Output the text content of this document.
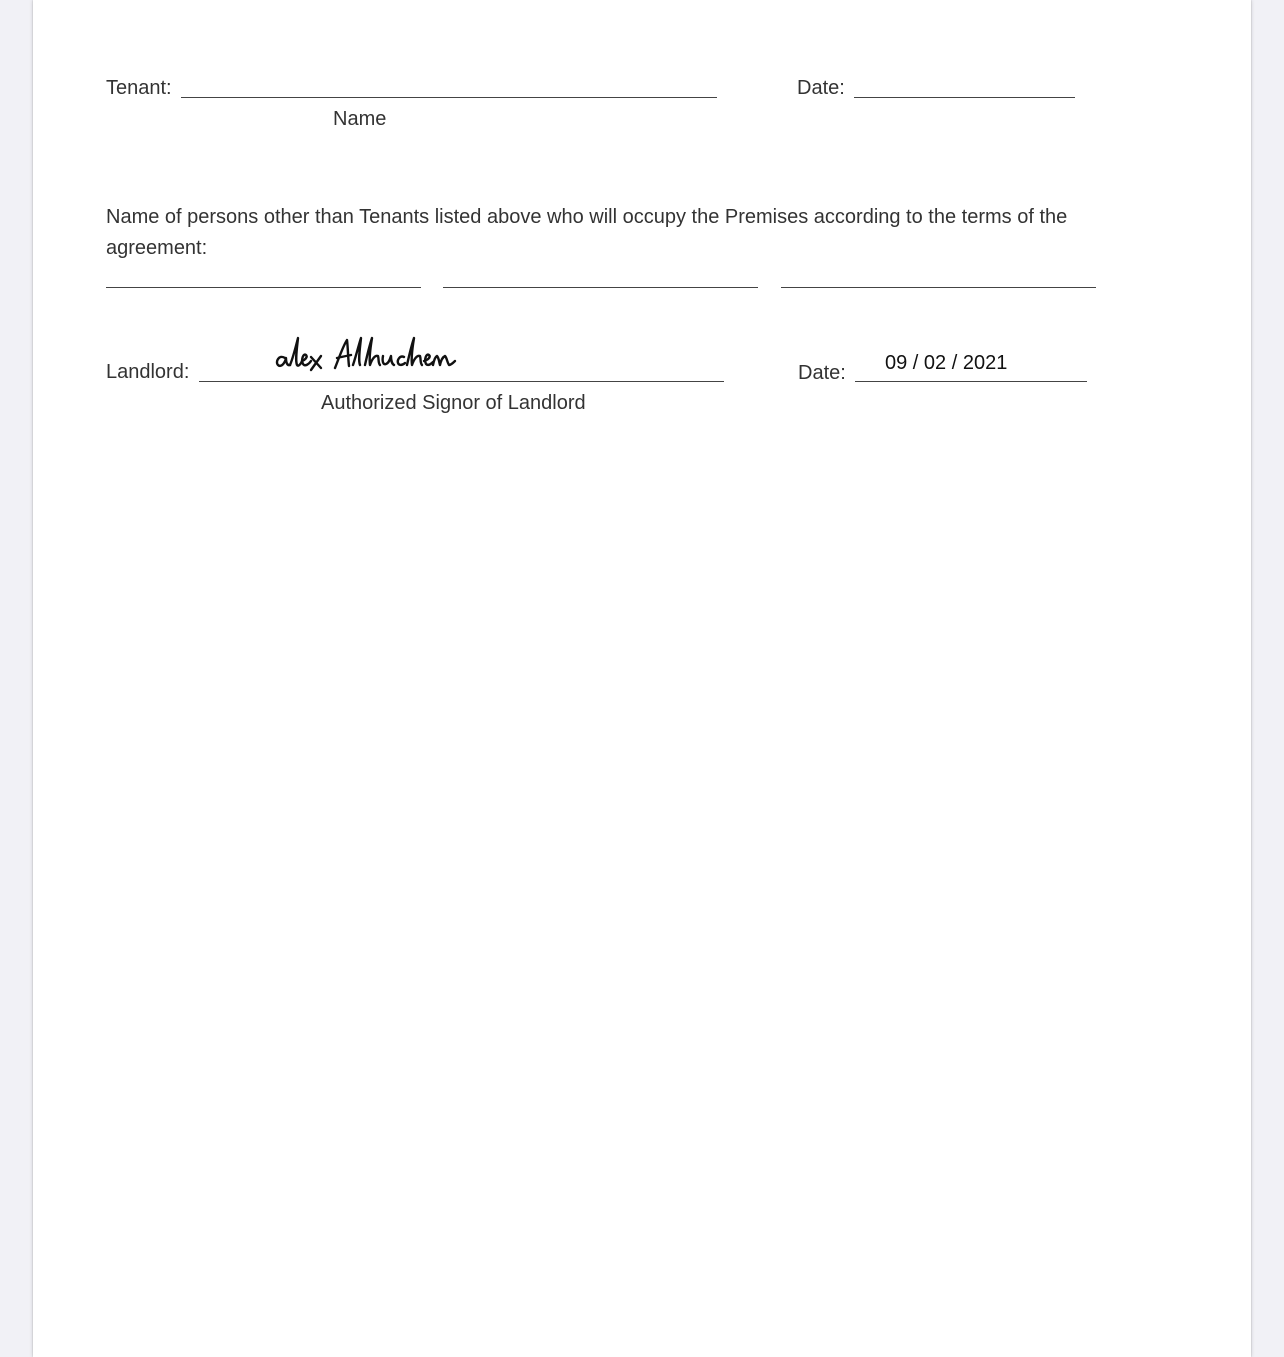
Tenant:	Date:
Name
Name of persons other than Tenants listed above who will occupy the Premises according to the terms of the agreement:
Landlord:	Date: 09 / 02 / 2021
Authorized Signor of Landlord
